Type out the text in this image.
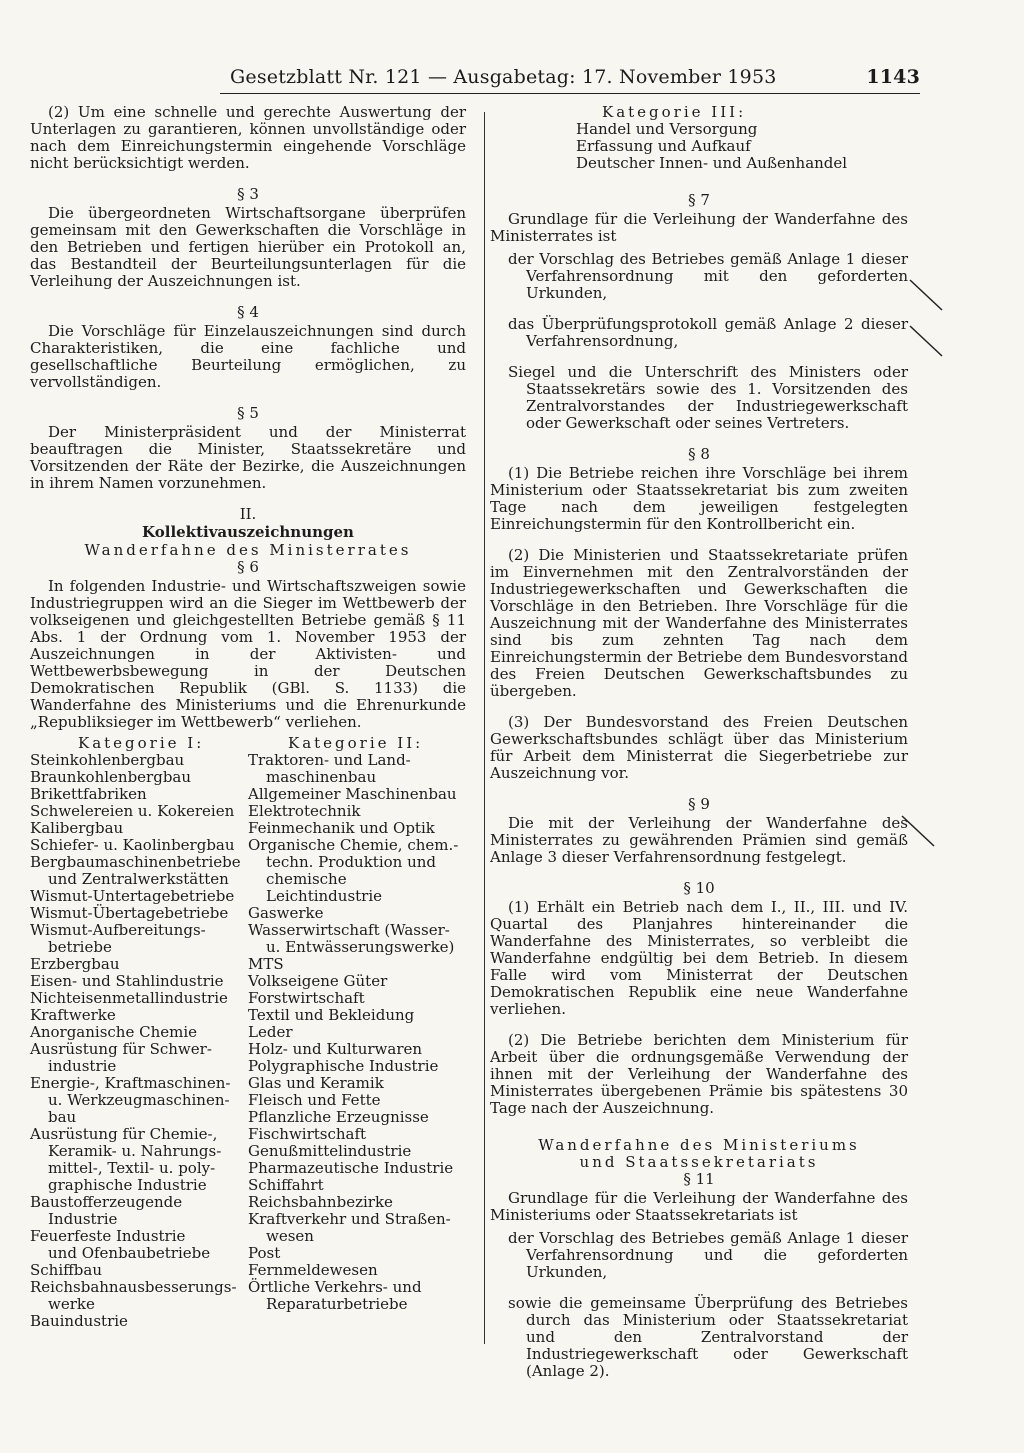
Gesetzblatt Nr. 121 — Ausgabetag: 17. November 1953	1143

(2) Um eine schnelle und gerechte Auswertung der Unterlagen zu garantieren, können unvollständige oder nach dem Einreichungstermin eingehende Vorschläge nicht berücksichtigt werden.

§ 3

Die übergeordneten Wirtschaftsorgane überprüfen gemeinsam mit den Gewerkschaften die Vorschläge in den Betrieben und fertigen hierüber ein Protokoll an, das Bestandteil der Beurteilungsunterlagen für die Verleihung der Auszeichnungen ist.

§ 4

Die Vorschläge für Einzelauszeichnungen sind durch Charakteristiken, die eine fachliche und gesellschaftliche Beurteilung ermöglichen, zu vervollständigen.

§ 5

Der Ministerpräsident und der Ministerrat beauftragen die Minister, Staatssekretäre und Vorsitzenden der Räte der Bezirke, die Auszeichnungen in ihrem Namen vorzunehmen.

II.
Kollektivauszeichnungen
Wanderfahne des Ministerrates
§ 6

In folgenden Industrie- und Wirtschaftszweigen sowie Industriegruppen wird an die Sieger im Wettbewerb der volkseigenen und gleichgestellten Betriebe gemäß § 11 Abs. 1 der Ordnung vom 1. November 1953 der Auszeichnungen in der Aktivisten- und Wettbewerbsbewegung in der Deutschen Demokratischen Republik (GBl. S. 1133) die Wanderfahne des Ministeriums und die Ehrenurkunde „Republiksieger im Wettbewerb“ verliehen.

Kategorie I:
Steinkohlenbergbau
Braunkohlenbergbau
Brikettfabriken
Schwelereien u. Kokereien
Kalibergbau
Schiefer- u. Kaolinbergbau
Bergbaumaschinenbetriebe
und Zentralwerkstätten
Wismut-Untertagebetriebe
Wismut-Übertagebetriebe
Wismut-Aufbereitungs-
betriebe
Erzbergbau
Eisen- und Stahlindustrie
Nichteisenmetallindustrie
Kraftwerke
Anorganische Chemie
Ausrüstung für Schwer-
industrie
Energie-, Kraftmaschinen-
u. Werkzeugmaschinen-
bau
Ausrüstung für Chemie-,
Keramik- u. Nahrungs-
mittel-, Textil- u. poly-
graphische Industrie
Baustofferzeugende
Industrie
Feuerfeste Industrie
und Ofenbaubetriebe
Schiffbau
Reichsbahnausbesserungs-
werke
Bauindustrie
Kategorie II:
Traktoren- und Land-
maschinenbau
Allgemeiner Maschinenbau
Elektrotechnik
Feinmechanik und Optik
Organische Chemie, chem.-
techn. Produktion und
chemische Leichtindustrie
Gaswerke
Wasserwirtschaft (Wasser-
u. Entwässerungswerke)
MTS
Volkseigene Güter
Forstwirtschaft
Textil und Bekleidung
Leder
Holz- und Kulturwaren
Polygraphische Industrie
Glas und Keramik
Fleisch und Fette
Pflanzliche Erzeugnisse
Fischwirtschaft
Genußmittelindustrie
Pharmazeutische Industrie
Schiffahrt
Reichsbahnbezirke
Kraftverkehr und Straßen-
wesen
Post
Fernmeldewesen
Örtliche Verkehrs- und
Reparaturbetriebe
Kategorie III:
Handel und Versorgung
Erfassung und Aufkauf
Deutscher Innen- und Außenhandel
§ 7

Grundlage für die Verleihung der Wanderfahne des Ministerrates ist

der Vorschlag des Betriebes gemäß Anlage 1 dieser Verfahrensordnung mit den geforderten Urkunden,

das Überprüfungsprotokoll gemäß Anlage 2 dieser Verfahrensordnung,

Siegel und die Unterschrift des Ministers oder Staatssekretärs sowie des 1. Vorsitzenden des Zentralvorstandes der Industriegewerkschaft oder Gewerkschaft oder seines Vertreters.

§ 8

(1) Die Betriebe reichen ihre Vorschläge bei ihrem Ministerium oder Staatssekretariat bis zum zweiten Tage nach dem jeweiligen festgelegten Einreichungstermin für den Kontrollbericht ein.

(2) Die Ministerien und Staatssekretariate prüfen im Einvernehmen mit den Zentralvorständen der Industriegewerkschaften und Gewerkschaften die Vorschläge in den Betrieben. Ihre Vorschläge für die Auszeichnung mit der Wanderfahne des Ministerrates sind bis zum zehnten Tag nach dem Einreichungstermin der Betriebe dem Bundesvorstand des Freien Deutschen Gewerkschaftsbundes zu übergeben.

(3) Der Bundesvorstand des Freien Deutschen Gewerkschaftsbundes schlägt über das Ministerium für Arbeit dem Ministerrat die Siegerbetriebe zur Auszeichnung vor.

§ 9

Die mit der Verleihung der Wanderfahne des Ministerrates zu gewährenden Prämien sind gemäß Anlage 3 dieser Verfahrensordnung festgelegt.

§ 10

(1) Erhält ein Betrieb nach dem I., II., III. und IV. Quartal des Planjahres hintereinander die Wanderfahne des Ministerrates, so verbleibt die Wanderfahne endgültig bei dem Betrieb. In diesem Falle wird vom Ministerrat der Deutschen Demokratischen Republik eine neue Wanderfahne verliehen.

(2) Die Betriebe berichten dem Ministerium für Arbeit über die ordnungsgemäße Verwendung der ihnen mit der Verleihung der Wanderfahne des Ministerrates übergebenen Prämie bis spätestens 30 Tage nach der Auszeichnung.

Wanderfahne des Ministeriums
und Staatssekretariats
§ 11

Grundlage für die Verleihung der Wanderfahne des Ministeriums oder Staatssekretariats ist

der Vorschlag des Betriebes gemäß Anlage 1 dieser Verfahrensordnung und die geforderten Urkunden,

sowie die gemeinsame Überprüfung des Betriebes durch das Ministerium oder Staatssekretariat und den Zentralvorstand der Industriegewerkschaft oder Gewerkschaft (Anlage 2).
